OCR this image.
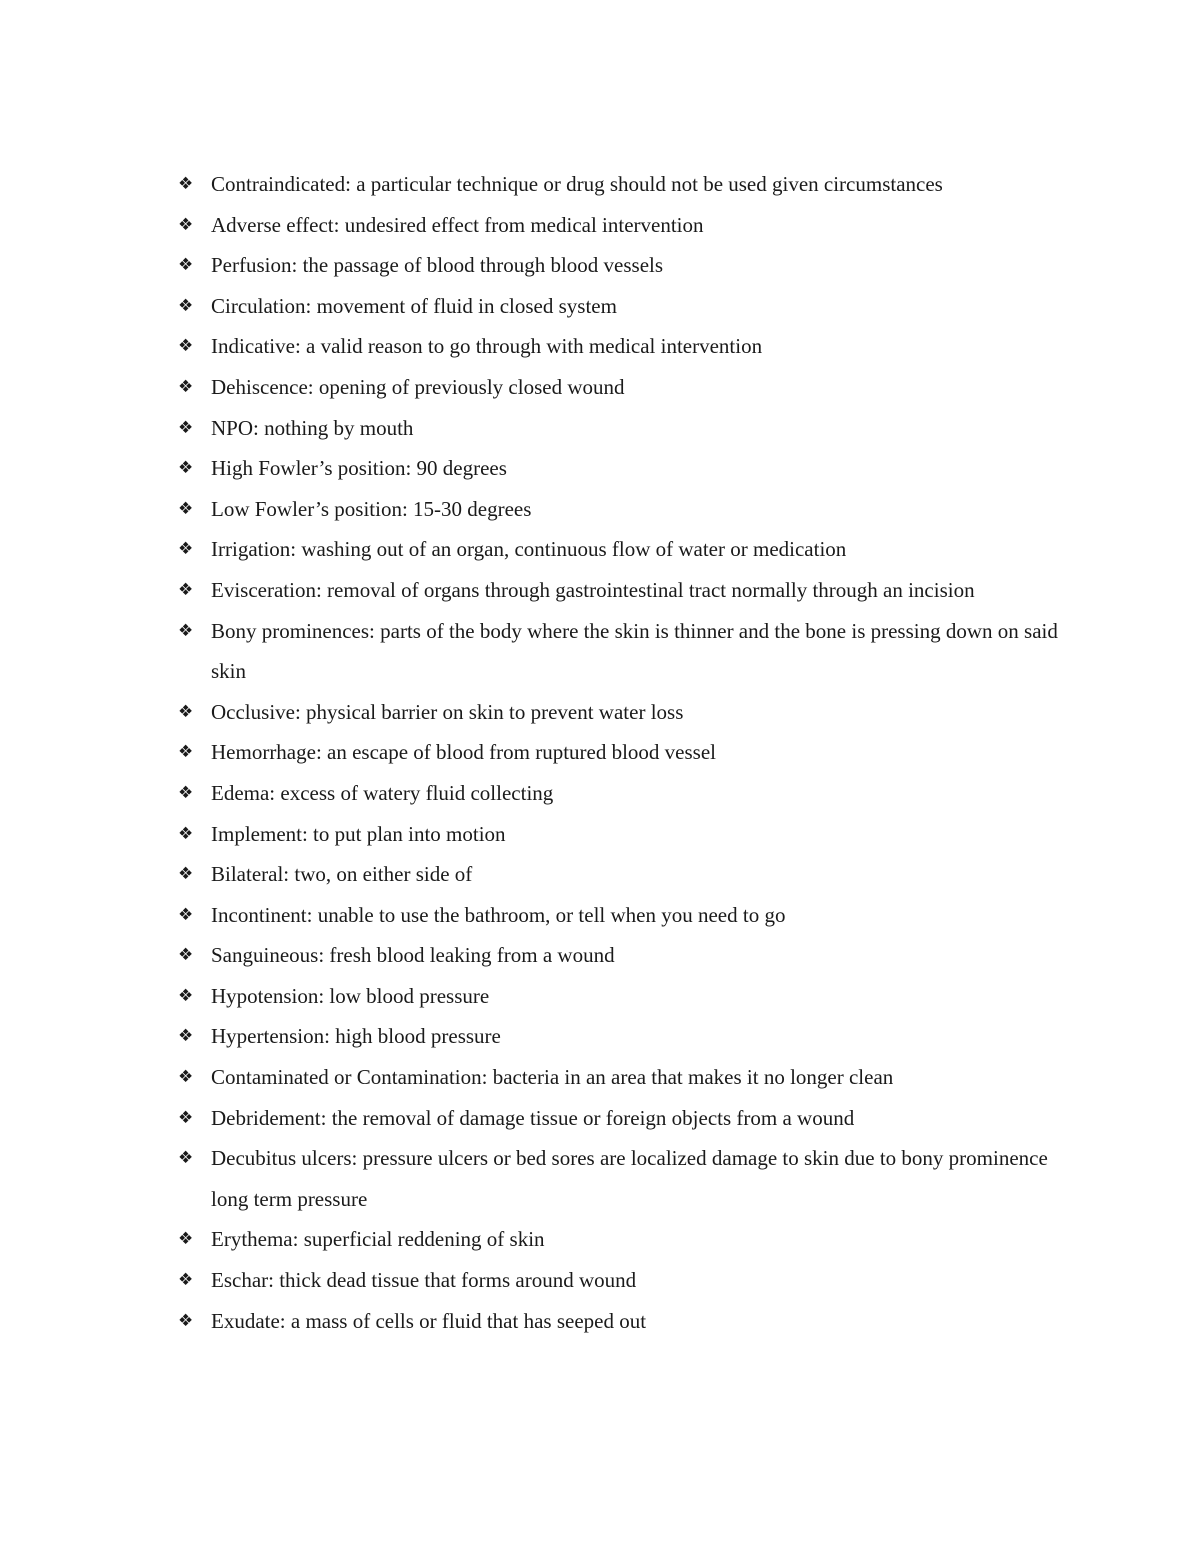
❖ Contraindicated: a particular technique or drug should not be used given circumstances
❖ Adverse effect: undesired effect from medical intervention
❖ Perfusion: the passage of blood through blood vessels
❖ Circulation: movement of fluid in closed system
❖ Indicative: a valid reason to go through with medical intervention
❖ Dehiscence: opening of previously closed wound
❖ NPO: nothing by mouth
❖ High Fowler’s position: 90 degrees
❖ Low Fowler’s position: 15-30 degrees
❖ Irrigation: washing out of an organ, continuous flow of water or medication
❖ Evisceration: removal of organs through gastrointestinal tract normally through an incision
❖ Bony prominences: parts of the body where the skin is thinner and the bone is pressing down on said skin
❖ Occlusive: physical barrier on skin to prevent water loss
❖ Hemorrhage: an escape of blood from ruptured blood vessel
❖ Edema: excess of watery fluid collecting
❖ Implement: to put plan into motion
❖ Bilateral: two, on either side of
❖ Incontinent: unable to use the bathroom, or tell when you need to go
❖ Sanguineous: fresh blood leaking from a wound
❖ Hypotension: low blood pressure
❖ Hypertension: high blood pressure
❖ Contaminated or Contamination: bacteria in an area that makes it no longer clean
❖ Debridement: the removal of damage tissue or foreign objects from a wound
❖ Decubitus ulcers: pressure ulcers or bed sores are localized damage to skin due to bony prominence long term pressure
❖ Erythema: superficial reddening of skin
❖ Eschar: thick dead tissue that forms around wound
❖ Exudate: a mass of cells or fluid that has seeped out
